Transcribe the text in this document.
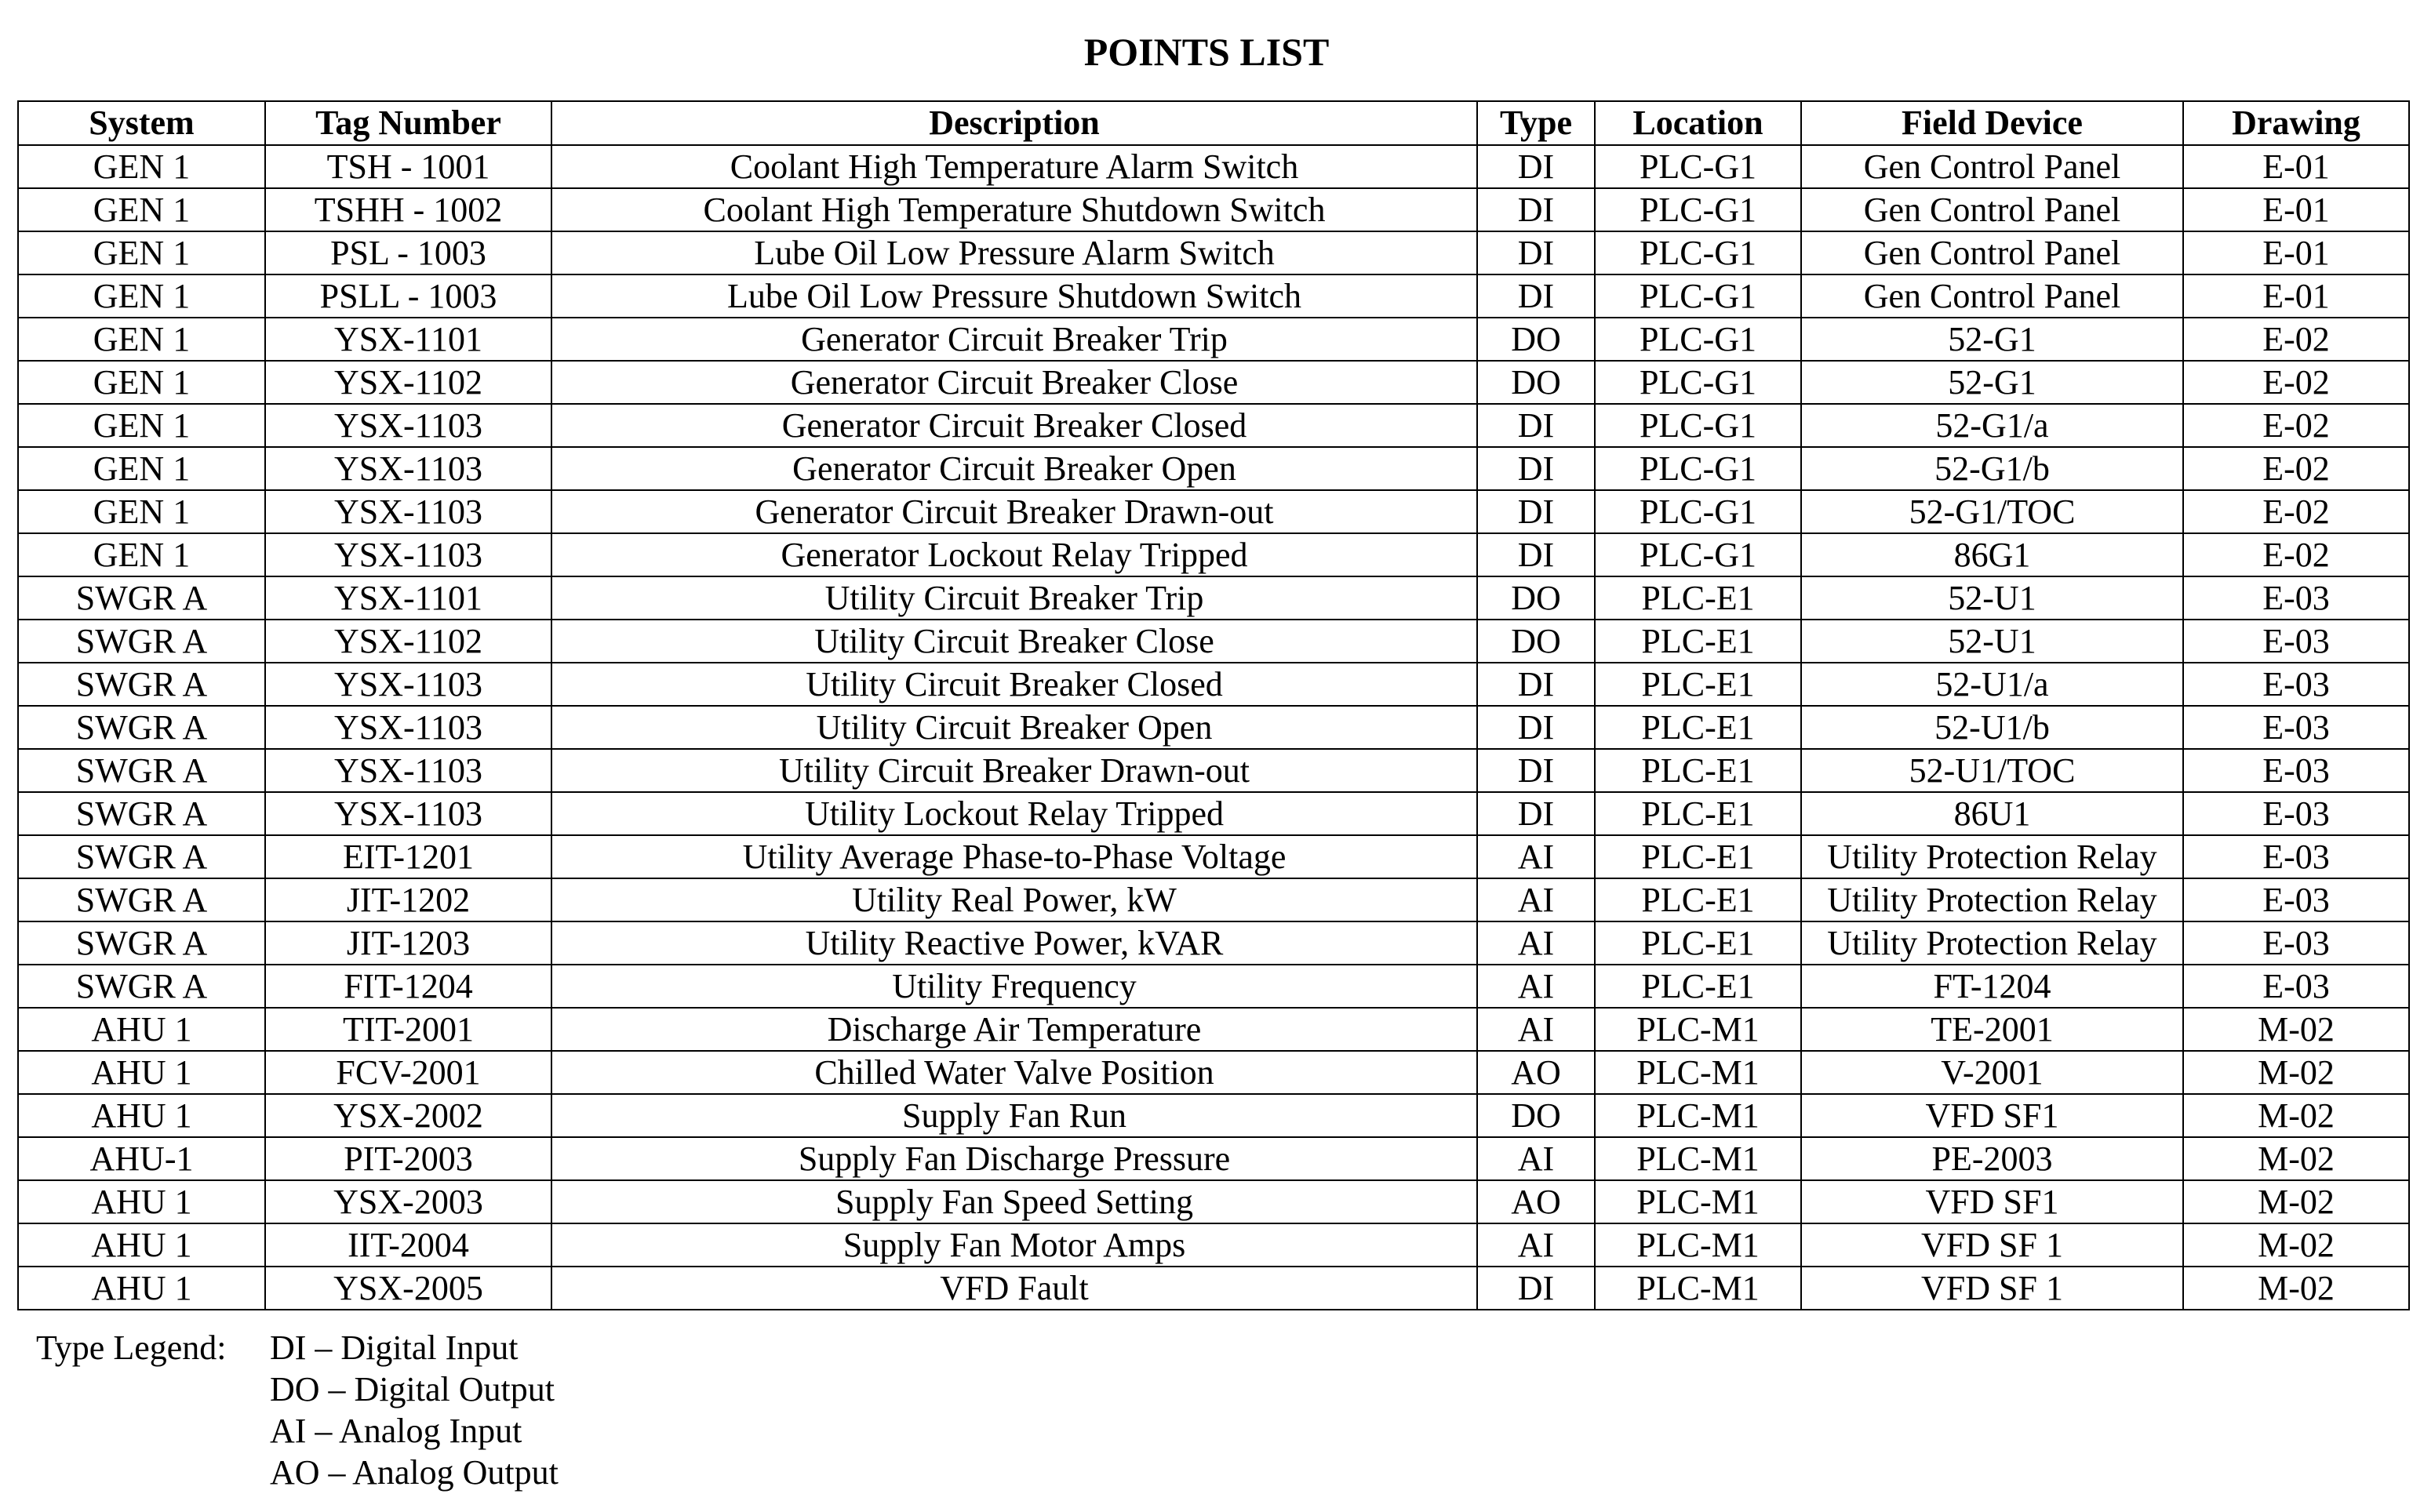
POINTS LIST
System	Tag Number	Description	Type	Location	Field Device	Drawing
GEN 1	TSH - 1001	Coolant High Temperature Alarm Switch	DI	PLC-G1	Gen Control Panel	E-01
GEN 1	TSHH - 1002	Coolant High Temperature Shutdown Switch	DI	PLC-G1	Gen Control Panel	E-01
GEN 1	PSL - 1003	Lube Oil Low Pressure Alarm Switch	DI	PLC-G1	Gen Control Panel	E-01
GEN 1	PSLL - 1003	Lube Oil Low Pressure Shutdown Switch	DI	PLC-G1	Gen Control Panel	E-01
GEN 1	YSX-1101	Generator Circuit Breaker Trip	DO	PLC-G1	52-G1	E-02
GEN 1	YSX-1102	Generator Circuit Breaker Close	DO	PLC-G1	52-G1	E-02
GEN 1	YSX-1103	Generator Circuit Breaker Closed	DI	PLC-G1	52-G1/a	E-02
GEN 1	YSX-1103	Generator Circuit Breaker Open	DI	PLC-G1	52-G1/b	E-02
GEN 1	YSX-1103	Generator Circuit Breaker Drawn-out	DI	PLC-G1	52-G1/TOC	E-02
GEN 1	YSX-1103	Generator Lockout Relay Tripped	DI	PLC-G1	86G1	E-02
SWGR A	YSX-1101	Utility Circuit Breaker Trip	DO	PLC-E1	52-U1	E-03
SWGR A	YSX-1102	Utility Circuit Breaker Close	DO	PLC-E1	52-U1	E-03
SWGR A	YSX-1103	Utility Circuit Breaker Closed	DI	PLC-E1	52-U1/a	E-03
SWGR A	YSX-1103	Utility Circuit Breaker Open	DI	PLC-E1	52-U1/b	E-03
SWGR A	YSX-1103	Utility Circuit Breaker Drawn-out	DI	PLC-E1	52-U1/TOC	E-03
SWGR A	YSX-1103	Utility Lockout Relay Tripped	DI	PLC-E1	86U1	E-03
SWGR A	EIT-1201	Utility Average Phase-to-Phase Voltage	AI	PLC-E1	Utility Protection Relay	E-03
SWGR A	JIT-1202	Utility Real Power, kW	AI	PLC-E1	Utility Protection Relay	E-03
SWGR A	JIT-1203	Utility Reactive Power, kVAR	AI	PLC-E1	Utility Protection Relay	E-03
SWGR A	FIT-1204	Utility Frequency	AI	PLC-E1	FT-1204	E-03
AHU 1	TIT-2001	Discharge Air Temperature	AI	PLC-M1	TE-2001	M-02
AHU 1	FCV-2001	Chilled Water Valve Position	AO	PLC-M1	V-2001	M-02
AHU 1	YSX-2002	Supply Fan Run	DO	PLC-M1	VFD SF1	M-02
AHU-1	PIT-2003	Supply Fan Discharge Pressure	AI	PLC-M1	PE-2003	M-02
AHU 1	YSX-2003	Supply Fan Speed Setting	AO	PLC-M1	VFD SF1	M-02
AHU 1	IIT-2004	Supply Fan Motor Amps	AI	PLC-M1	VFD SF 1	M-02
AHU 1	YSX-2005	VFD Fault	DI	PLC-M1	VFD SF 1	M-02
Type Legend: DI – Digital Input
DO – Digital Output
AI – Analog Input
AO – Analog Output
